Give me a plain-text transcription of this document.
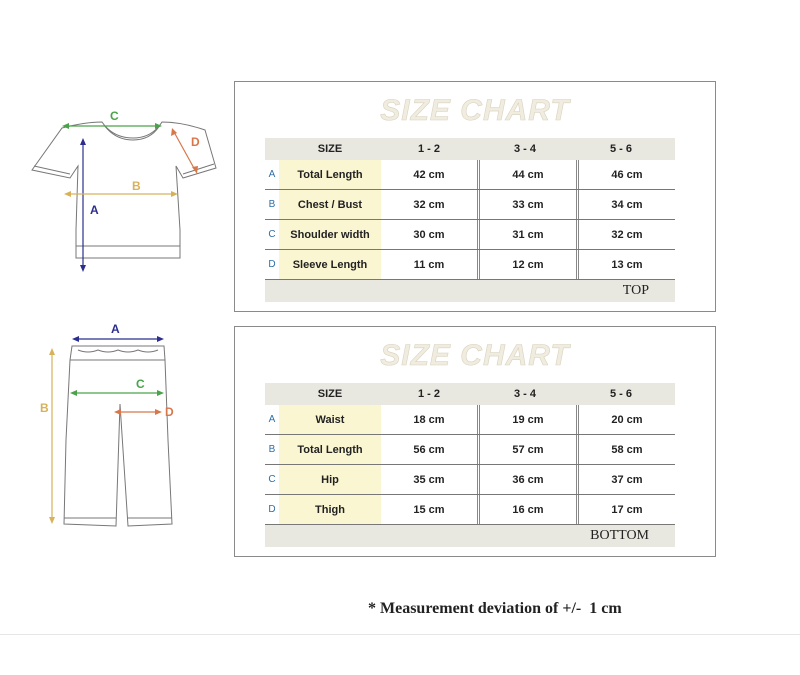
A
B
C
D
A
B
C
D
SIZE CHART
SIZE	1 - 2	3 - 4	5 - 6
A	Total Length	42 cm	44 cm	46 cm
B	Chest / Bust	32 cm	33 cm	34 cm
C	Shoulder width	30 cm	31 cm	32 cm
D	Sleeve Length	11 cm	12 cm	13 cm
TOP
SIZE CHART
SIZE	1 - 2	3 - 4	5 - 6
A	Waist	18 cm	19 cm	20 cm
B	Total Length	56 cm	57 cm	58 cm
C	Hip	35 cm	36 cm	37 cm
D	Thigh	15 cm	16 cm	17 cm
BOTTOM
* Measurement deviation of +/-  1 cm
